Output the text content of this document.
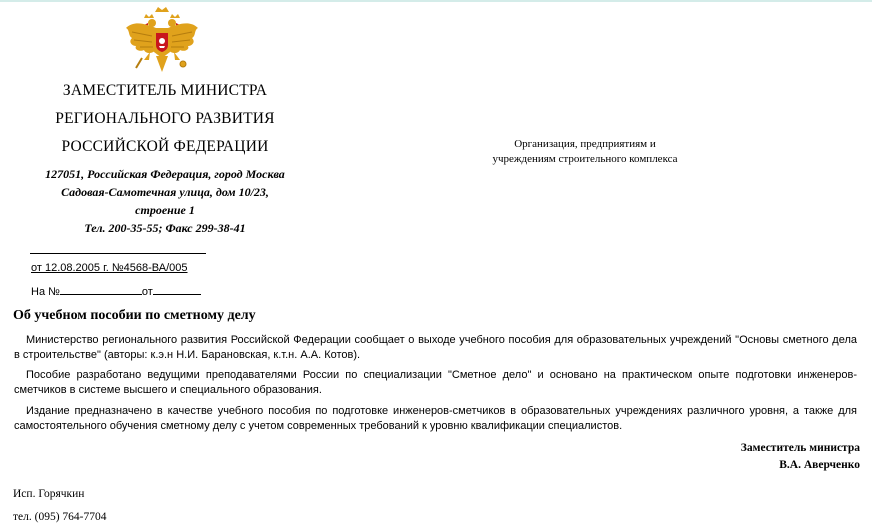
ЗАМЕСТИТЕЛЬ МИНИСТРА
РЕГИОНАЛЬНОГО РАЗВИТИЯ
РОССИЙСКОЙ ФЕДЕРАЦИИ
127051, Российская Федерация, город Москва
Садовая-Самотечная улица, дом 10/23,
строение 1
Тел. 200-35-55; Факс 299-38-41
Организация, предприятиям и
учреждениям строительного комплекса
от 12.08.2005 г. №4568-ВА/005
На №	от
Об учебном пособии по сметному делу
Министерство регионального развития Российской Федерации сообщает о выходе учебного пособия для образовательных учреждений "Основы сметного дела в строительстве" (авторы: к.э.н Н.И. Барановская, к.т.н. А.А. Котов).
Пособие разработано ведущими преподавателями России по специализации "Сметное дело" и основано на практическом опыте подготовки инженеров-сметчиков в системе высшего и специального образования.
Издание предназначено в качестве учебного пособия по подготовке инженеров-сметчиков в образовательных учреждениях различного уровня, а также для самостоятельного обучения сметному делу с учетом современных требований к уровню квалификации специалистов.
Заместитель министра
В.А. Аверченко
Исп. Горячкин
тел. (095) 764-7704
